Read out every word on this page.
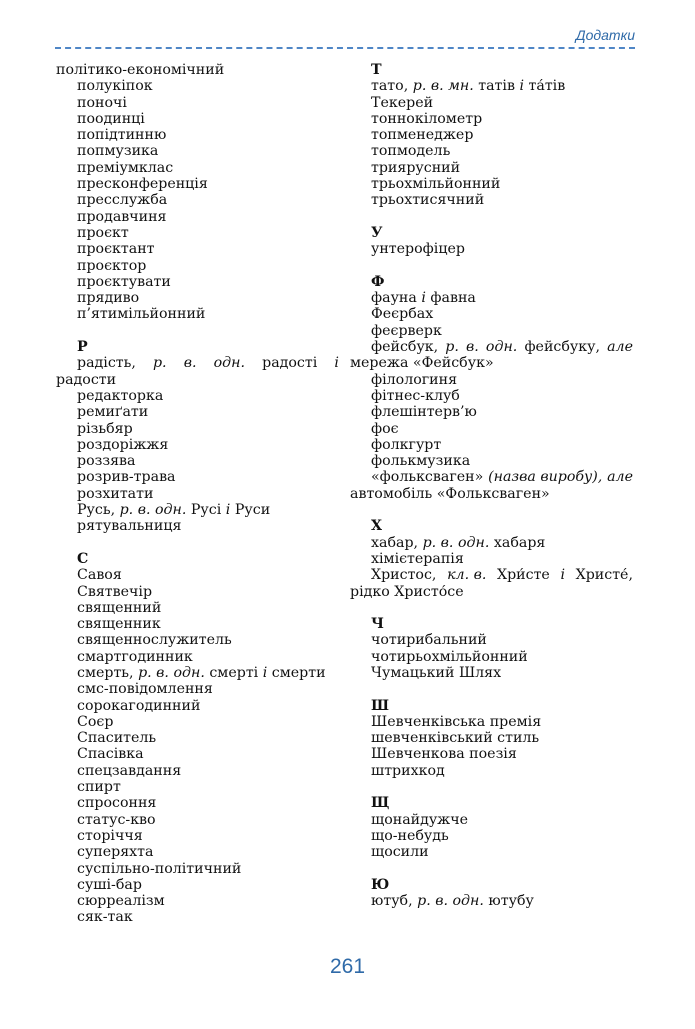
Додатки
політико-економічний
полукіпок
поночі
поодинці
попідтинню
попмузика
преміумклас
пресконференція
пресслужба
продавчиня
проєкт
проєктант
проєктор
проєктувати
прядиво
п’ятимільйонний
Р
радість, р. в. одн. радості і
радости
редакторка
ремиґати
різьбяр
роздоріжжя
роззява
розрив-трава
розхитати
Русь, р. в. одн. Русі і Руси
рятувальниця
С
Савоя
Святвечір
священний
священник
священнослужитель
смартгодинник
смерть, р. в. одн. смерті і смерти
смс-повідомлення
сорокагодинний
Соєр
Спаситель
Спасівка
спецзавдання
спирт
спросоння
статус-кво
сторіччя
суперяхта
суспільно-політичний
суші-бар
сюрреалізм
сяк-так
Т
тато, р. в. мн. татів і та́тів
Текерей
тоннокілометр
топменеджер
топмодель
триярусний
трьохмільйонний
трьохтисячний
У
унтерофіцер
Ф
фауна і фавна
Феєрбах
феєрверк
фейсбук, р. в. одн. фейсбуку, але
мережа «Фейсбук»
філологиня
фітнес-клуб
флешінтерв’ю
фоє
фолкгурт
фолькмузика
«фольксваген» (назва виробу), але
автомобіль «Фольксваген»
Х
хабар, р. в. одн. хабаря
хімієтерапія
Христос, кл. в. Хри́сте і Христе́,
рідко Христо́се
Ч
чотирибальний
чотирьохмільйонний
Чумацький Шлях
Ш
Шевченківська премія
шевченківський стиль
Шевченкова поезія
штрихкод
Щ
щонайдужче
що-небудь
щосили
Ю
ютуб, р. в. одн. ютубу
261
